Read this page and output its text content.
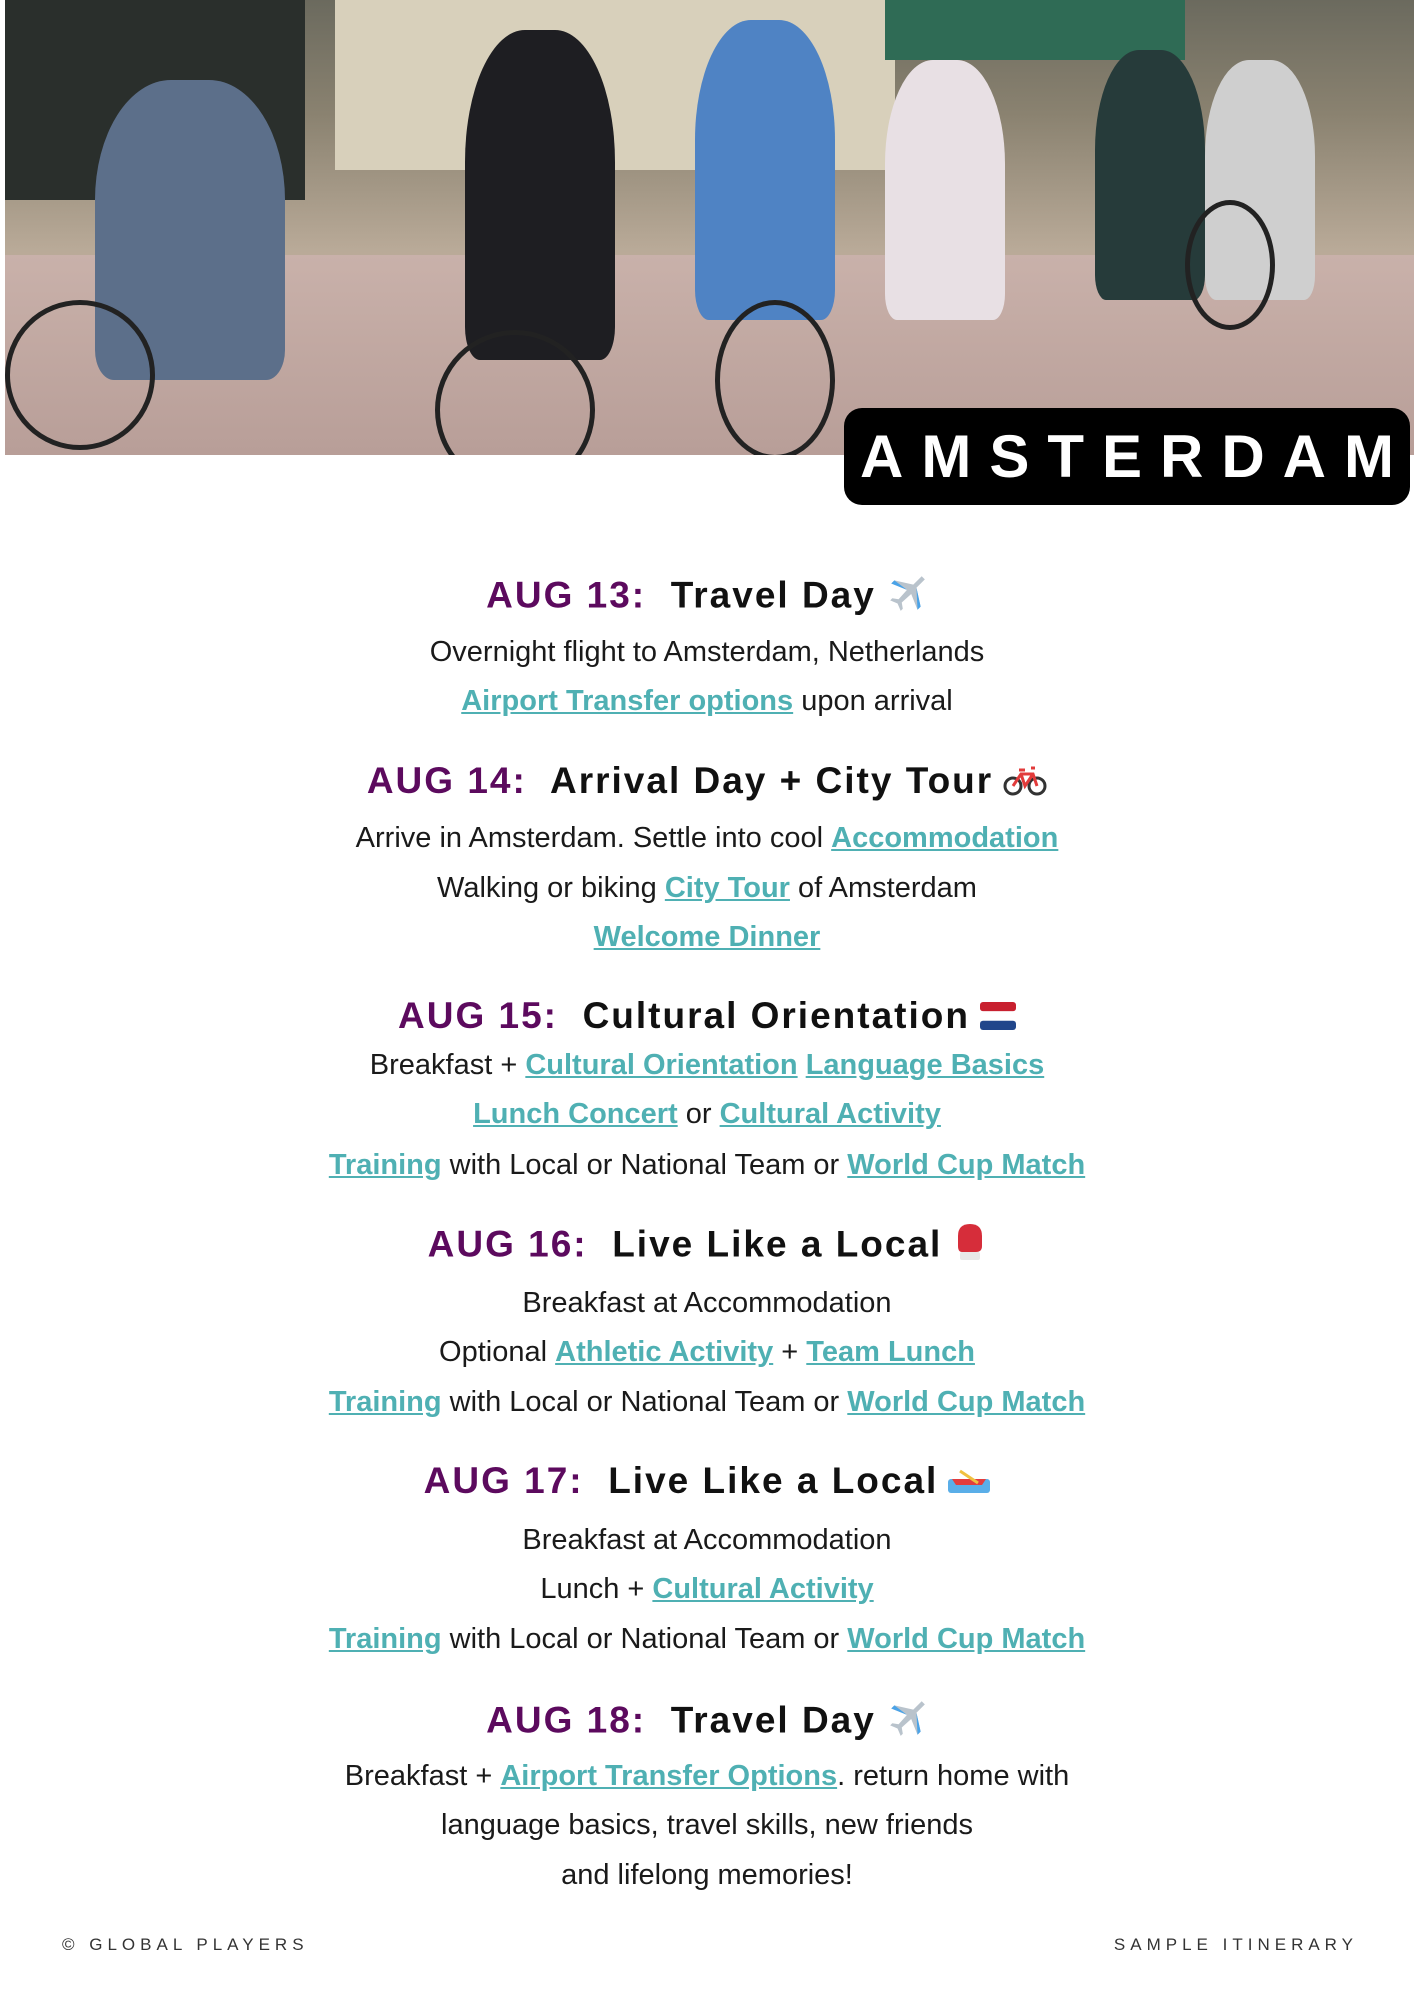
AMSTERDAM
AUG 13: Travel Day
Overnight flight to Amsterdam, Netherlands
Airport Transfer options upon arrival
AUG 14: Arrival Day + City Tour
Arrive in Amsterdam. Settle into cool Accommodation
Walking or biking City Tour of Amsterdam
Welcome Dinner
AUG 15: Cultural Orientation
Breakfast + Cultural Orientation Language Basics
Lunch Concert or Cultural Activity
Training with Local or National Team or World Cup Match
AUG 16: Live Like a Local
Breakfast at Accommodation
Optional Athletic Activity + Team Lunch
Training with Local or National Team or World Cup Match
AUG 17: Live Like a Local
Breakfast at Accommodation
Lunch + Cultural Activity
Training with Local or National Team or World Cup Match
AUG 18: Travel Day
Breakfast + Airport Transfer Options. return home with
language basics, travel skills, new friends
and lifelong memories!
© GLOBAL PLAYERS	SAMPLE ITINERARY
